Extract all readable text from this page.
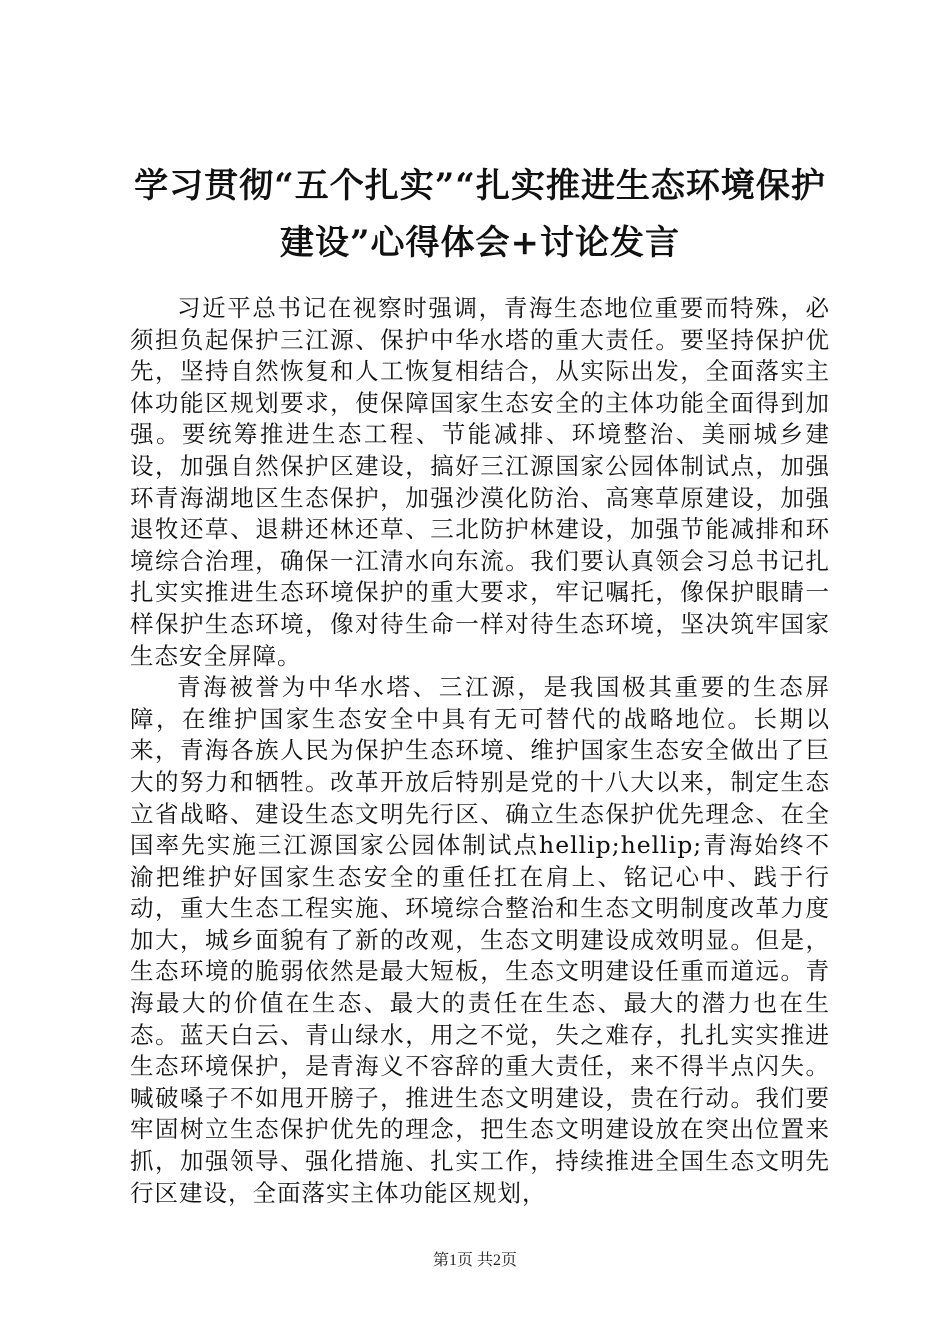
学习贯彻“五个扎实”“扎实推进生态环境保护建设”心得体会+讨论发言

习近平总书记在视察时强调，青海生态地位重要而特殊，必须担负起保护三江源、保护中华水塔的重大责任。要坚持保护优先，坚持自然恢复和人工恢复相结合，从实际出发，全面落实主体功能区规划要求，使保障国家生态安全的主体功能全面得到加强。要统筹推进生态工程、节能减排、环境整治、美丽城乡建设，加强自然保护区建设，搞好三江源国家公园体制试点，加强环青海湖地区生态保护，加强沙漠化防治、高寒草原建设，加强退牧还草、退耕还林还草、三北防护林建设，加强节能减排和环境综合治理，确保一江清水向东流。我们要认真领会习总书记扎扎实实推进生态环境保护的重大要求，牢记嘱托，像保护眼睛一样保护生态环境，像对待生命一样对待生态环境，坚决筑牢国家生态安全屏障。

青海被誉为中华水塔、三江源，是我国极其重要的生态屏障，在维护国家生态安全中具有无可替代的战略地位。长期以来，青海各族人民为保护生态环境、维护国家生态安全做出了巨大的努力和牺牲。改革开放后特别是党的十八大以来，制定生态立省战略、建设生态文明先行区、确立生态保护优先理念、在全国率先实施三江源国家公园体制试点hellip;hellip;青海始终不渝把维护好国家生态安全的重任扛在肩上、铭记心中、践于行动，重大生态工程实施、环境综合整治和生态文明制度改革力度加大，城乡面貌有了新的改观，生态文明建设成效明显。但是，生态环境的脆弱依然是最大短板，生态文明建设任重而道远。青海最大的价值在生态、最大的责任在生态、最大的潜力也在生态。蓝天白云、青山绿水，用之不觉，失之难存，扎扎实实推进生态环境保护，是青海义不容辞的重大责任，来不得半点闪失。喊破嗓子不如甩开膀子，推进生态文明建设，贵在行动。我们要牢固树立生态保护优先的理念，把生态文明建设放在突出位置来抓，加强领导、强化措施、扎实工作，持续推进全国生态文明先行区建设，全面落实主体功能区规划，

第1页 共2页
